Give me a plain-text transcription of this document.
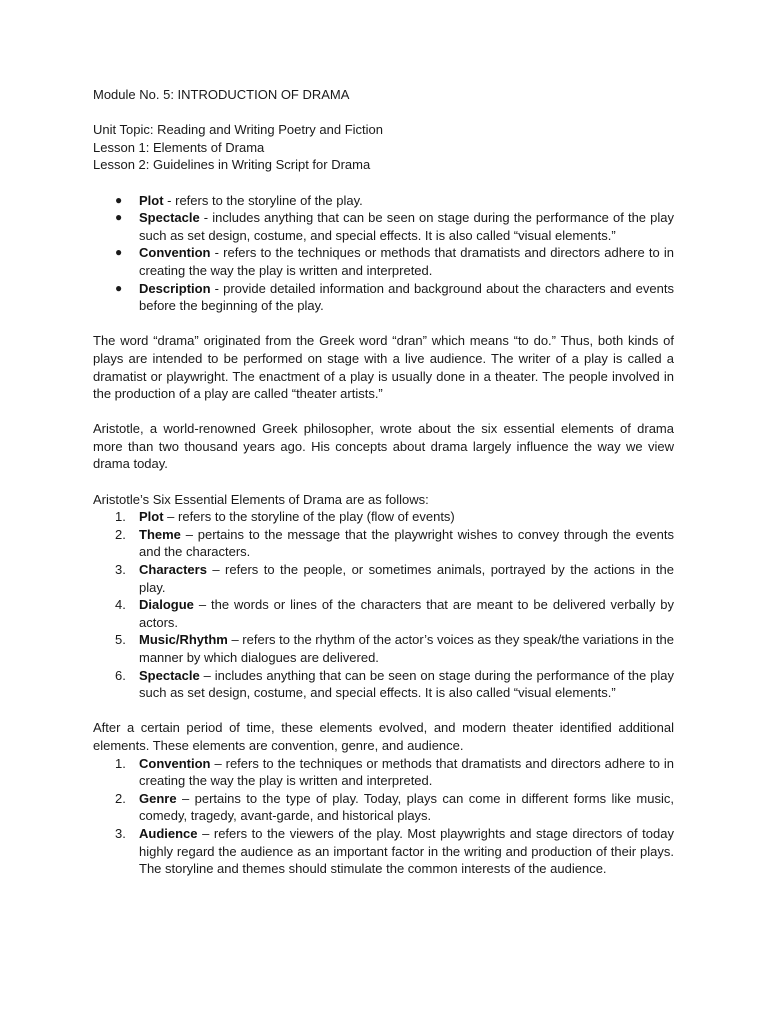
Module No. 5: INTRODUCTION OF DRAMA

Unit Topic: Reading and Writing Poetry and Fiction

Lesson 1: Elements of Drama

Lesson 2: Guidelines in Writing Script for Drama

● Plot - refers to the storyline of the play.
● Spectacle - includes anything that can be seen on stage during the performance of the play such as set design, costume, and special effects. It is also called “visual elements.”
● Convention - refers to the techniques or methods that dramatists and directors adhere to in creating the way the play is written and interpreted.
● Description - provide detailed information and background about the characters and events before the beginning of the play.

The word “drama” originated from the Greek word “dran” which means “to do.” Thus, both kinds of plays are intended to be performed on stage with a live audience. The writer of a play is called a dramatist or playwright. The enactment of a play is usually done in a theater. The people involved in the production of a play are called “theater artists.”

Aristotle, a world-renowned Greek philosopher, wrote about the six essential elements of drama more than two thousand years ago. His concepts about drama largely influence the way we view drama today.

Aristotle’s Six Essential Elements of Drama are as follows:

1. Plot – refers to the storyline of the play (flow of events)
2. Theme – pertains to the message that the playwright wishes to convey through the events and the characters.
3. Characters – refers to the people, or sometimes animals, portrayed by the actions in the play.
4. Dialogue – the words or lines of the characters that are meant to be delivered verbally by actors.
5. Music/Rhythm – refers to the rhythm of the actor’s voices as they speak/the variations in the manner by which dialogues are delivered.
6. Spectacle – includes anything that can be seen on stage during the performance of the play such as set design, costume, and special effects. It is also called “visual elements.”

After a certain period of time, these elements evolved, and modern theater identified additional elements. These elements are convention, genre, and audience.

1. Convention – refers to the techniques or methods that dramatists and directors adhere to in creating the way the play is written and interpreted.
2. Genre – pertains to the type of play. Today, plays can come in different forms like music, comedy, tragedy, avant-garde, and historical plays.
3. Audience – refers to the viewers of the play. Most playwrights and stage directors of today highly regard the audience as an important factor in the writing and production of their plays. The storyline and themes should stimulate the common interests of the audience.
